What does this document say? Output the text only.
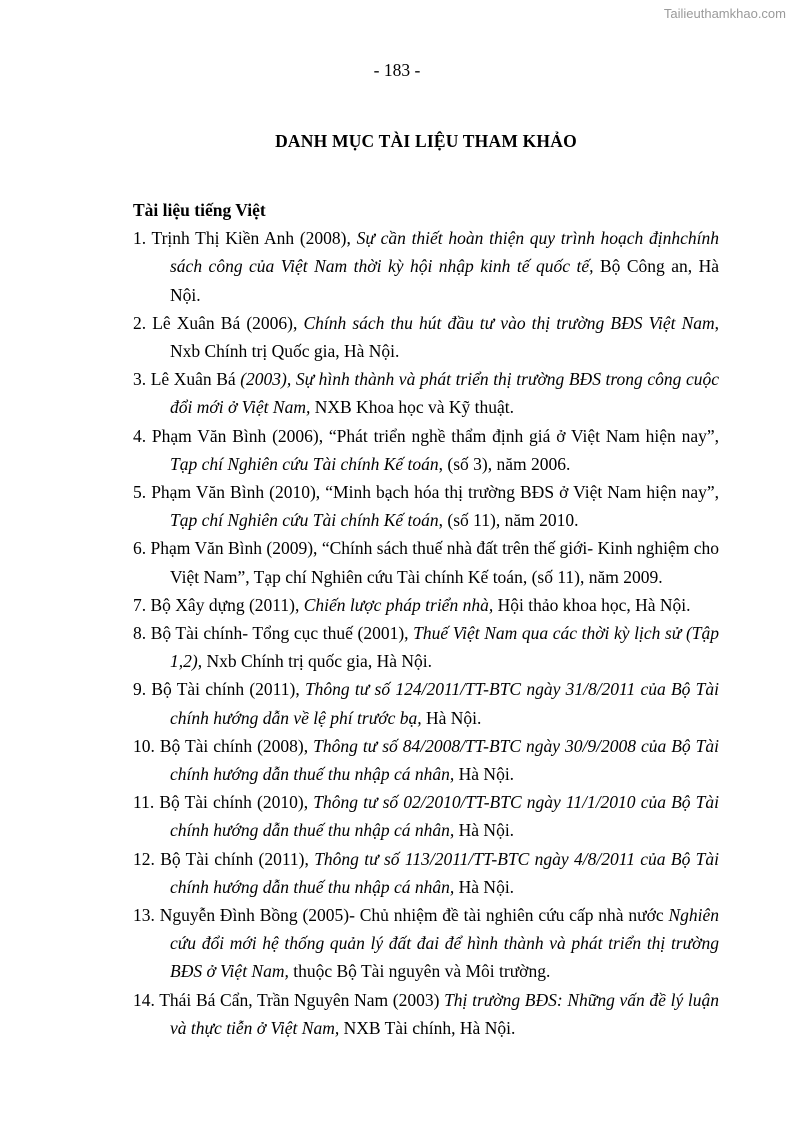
Tailieuthamkhao.com
- 183 -
DANH MỤC TÀI LIỆU THAM KHẢO

Tài liệu tiếng Việt

1. Trịnh Thị Kiền Anh (2008), Sự cần thiết hoàn thiện quy trình hoạch địnhchính sách công của Việt Nam thời kỳ hội nhập kinh tế quốc tế, Bộ Công an, Hà Nội.
2. Lê Xuân Bá (2006), Chính sách thu hút đầu tư vào thị trường BĐS Việt Nam, Nxb Chính trị Quốc gia, Hà Nội.
3. Lê Xuân Bá (2003), Sự hình thành và phát triển thị trường BĐS trong công cuộc đổi mới ở Việt Nam, NXB Khoa học và Kỹ thuật.
4. Phạm Văn Bình (2006), “Phát triển nghề thẩm định giá ở Việt Nam hiện nay”, Tạp chí Nghiên cứu Tài chính Kế toán, (số 3), năm 2006.
5. Phạm Văn Bình (2010), “Minh bạch hóa thị trường BĐS ở Việt Nam hiện nay”, Tạp chí Nghiên cứu Tài chính Kế toán, (số 11), năm 2010.
6. Phạm Văn Bình (2009), “Chính sách thuế nhà đất trên thế giới- Kinh nghiệm cho Việt Nam”, Tạp chí Nghiên cứu Tài chính Kế toán, (số 11), năm 2009.
7. Bộ Xây dựng (2011), Chiến lược pháp triển nhà, Hội thảo khoa học, Hà Nội.
8. Bộ Tài chính- Tổng cục thuế (2001), Thuế Việt Nam qua các thời kỳ lịch sử (Tập 1,2), Nxb Chính trị quốc gia, Hà Nội.
9. Bộ Tài chính (2011), Thông tư số 124/2011/TT-BTC ngày 31/8/2011 của Bộ Tài chính hướng dẫn về lệ phí trước bạ, Hà Nội.
10. Bộ Tài chính (2008), Thông tư số 84/2008/TT-BTC ngày 30/9/2008 của Bộ Tài chính hướng dẫn thuế thu nhập cá nhân, Hà Nội.
11. Bộ Tài chính (2010), Thông tư số 02/2010/TT-BTC ngày 11/1/2010 của Bộ Tài chính hướng dẫn thuế thu nhập cá nhân, Hà Nội.
12. Bộ Tài chính (2011), Thông tư số 113/2011/TT-BTC ngày 4/8/2011 của Bộ Tài chính hướng dẫn thuế thu nhập cá nhân, Hà Nội.
13. Nguyễn Đình Bồng (2005)- Chủ nhiệm đề tài nghiên cứu cấp nhà nước Nghiên cứu đổi mới hệ thống quản lý đất đai để hình thành và phát triển thị trường BĐS ở Việt Nam, thuộc Bộ Tài nguyên và Môi trường.
14. Thái Bá Cẩn, Trần Nguyên Nam (2003) Thị trường BĐS: Những vấn đề lý luận và thực tiễn ở Việt Nam, NXB Tài chính, Hà Nội.
